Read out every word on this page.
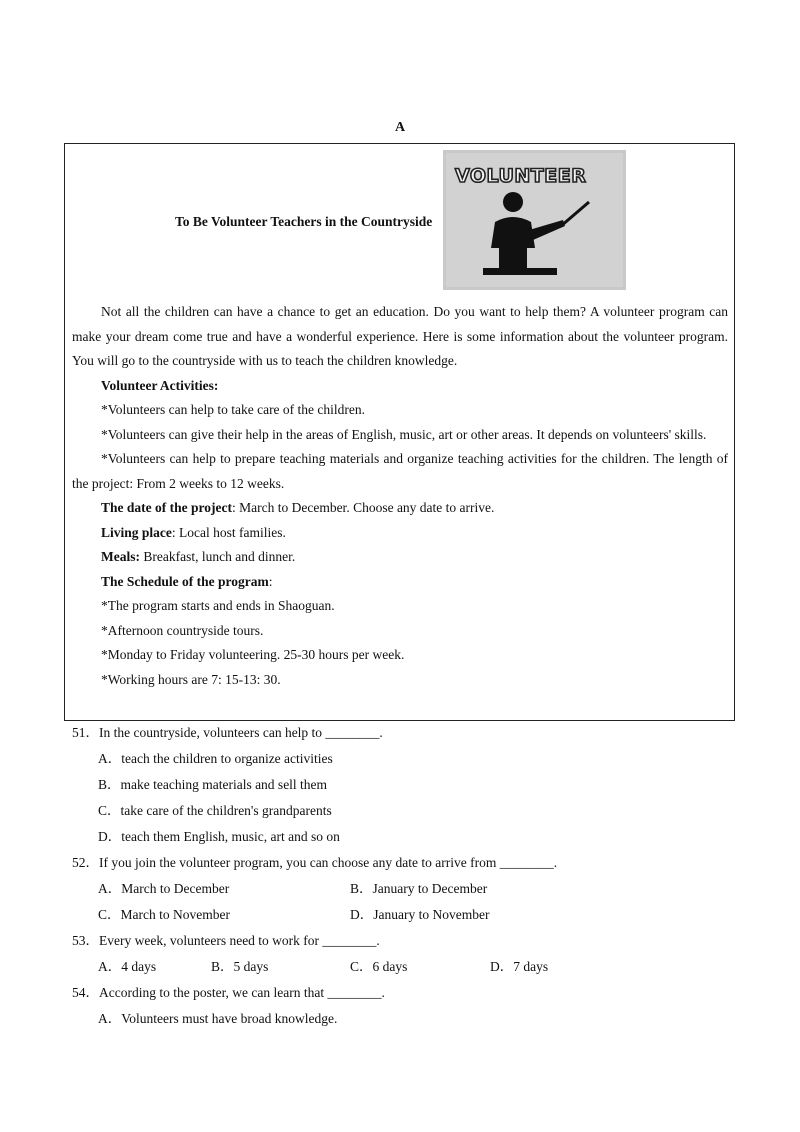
A
To Be Volunteer Teachers in the Countryside
VOLUNTEER

Not all the children can have a chance to get an education. Do you want to help them? A volunteer program can make your dream come true and have a wonderful experience. Here is some information about the volunteer program. You will go to the countryside with us to teach the children knowledge.

Volunteer Activities:

*Volunteers can help to take care of the children.

*Volunteers can give their help in the areas of English, music, art or other areas. It depends on volunteers' skills.

*Volunteers can help to prepare teaching materials and organize teaching activities for the children. The length of the project: From 2 weeks to 12 weeks.

The date of the project: March to December. Choose any date to arrive.

Living place: Local host families.

Meals: Breakfast, lunch and dinner.

The Schedule of the program:

*The program starts and ends in Shaoguan.

*Afternoon countryside tours.

*Monday to Friday volunteering. 25-30 hours per week.

*Working hours are 7: 15-13: 30.

51．In the countryside, volunteers can help to ________.
A．teach the children to organize activities
B．make teaching materials and sell them
C．take care of the children's grandparents
D．teach them English, music, art and so on
52．If you join the volunteer program, you can choose any date to arrive from ________.
A．March to December	B．January to December
C．March to November	D．January to November
53．Every week, volunteers need to work for ________.
A．4 days	B．5 days	C．6 days	D．7 days
54．According to the poster, we can learn that ________.
A．Volunteers must have broad knowledge.
